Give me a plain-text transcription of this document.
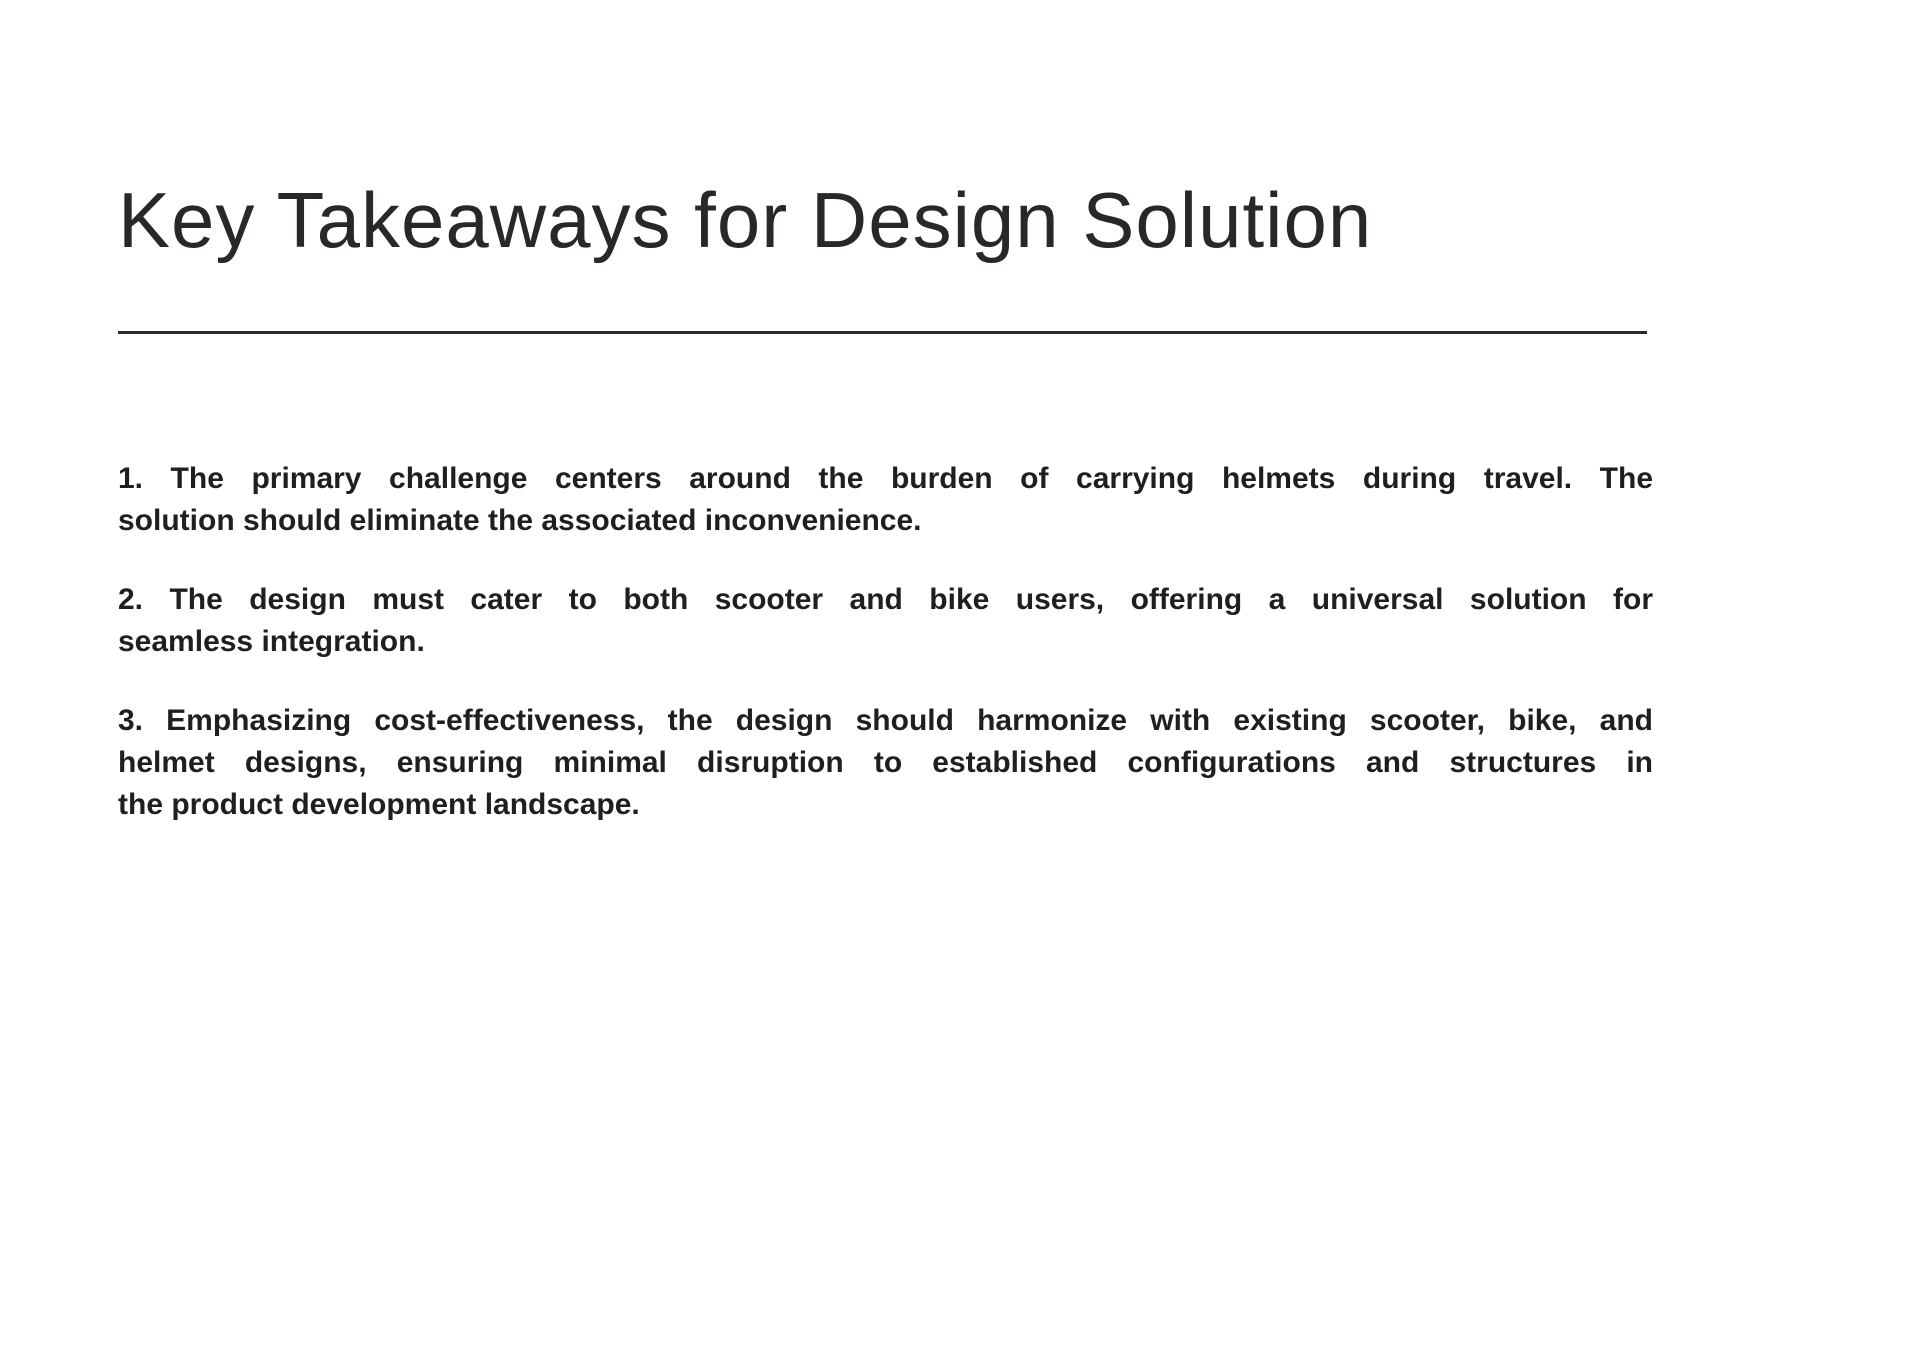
Key Takeaways for Design Solution
1. The primary challenge centers around the burden of carrying helmets during travel. The
solution should eliminate the associated inconvenience.
2. The design must cater to both scooter and bike users, offering a universal solution for
seamless integration.
3. Emphasizing cost-effectiveness, the design should harmonize with existing scooter, bike, and
helmet designs, ensuring minimal disruption to established configurations and structures in
the product development landscape.
